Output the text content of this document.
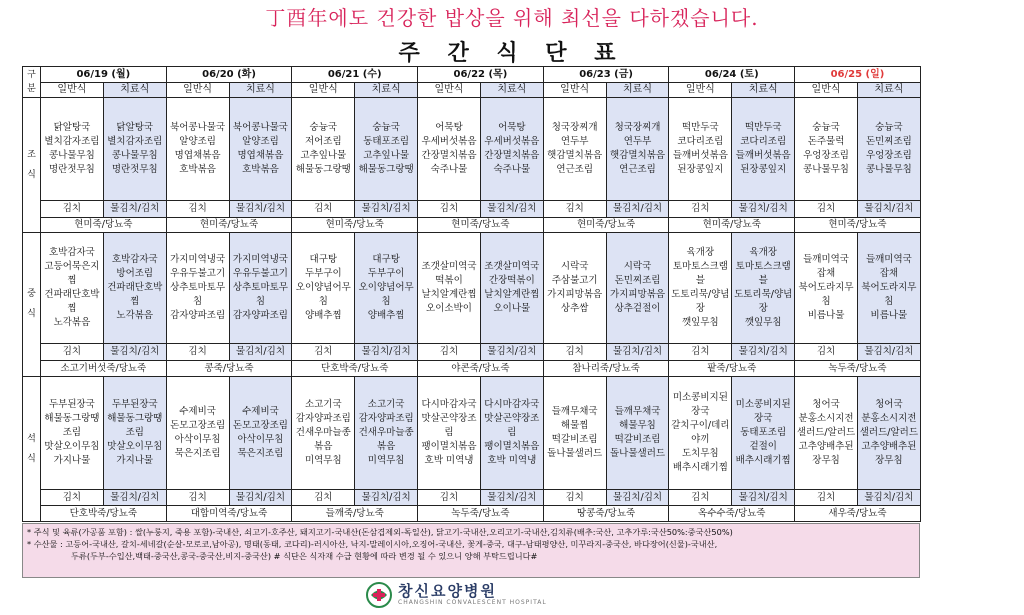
丁酉年에도 건강한 밥상을 위해 최선을 다하겠습니다.
주 간 식 단 표
구분	06/19 (월)		06/20 (화)		06/21 (수)		06/22 (목)		06/23 (금)		06/24 (토)		06/25 (일)	
	일반식	치료식	일반식	치료식	일반식	치료식	일반식	치료식	일반식	치료식	일반식	치료식	일반식	치료식

조
식	닭알탕국
별치감자조림
콩나물무침
명란젓무침	닭알탕국
별치감자조림
콩나물무침
명란젓무침	북어콩나물국
알양조림
명엽채볶음
호박볶음	북어콩나물국
알양조림
명엽채볶음
호박볶음	숭늉국
저어조림
고추잎나물
해물동그랑땡	숭늉국
동태포조림
고추잎나물
해물동그랑땡	어묵탕
우세버섯볶음
간장멸치볶음
숙주나물	어묵탕
우세버섯볶음
간장멸치볶음
숙주나물	청국장찌개
연두부
햇감멸치볶음
연근조림	청국장찌개
연두부
햇감멸치볶음
연근조림	떡만두국
코다리조림
들깨버섯볶음
된장콩잎지	떡만두국
코다리조림
들깨버섯볶음
된장콩잎지	숭늉국
돈주물럭
우엉장조림
콩나물무침	숭늉국
돈민찌조림
우엉장조림
콩나물무침

	김치	물김치/김치	김치	물김치/김치	김치	물김치/김치	김치	물김치/김치	김치	물김치/김치	김치	물김치/김치	김치	물김치/김치
	현미죽/당뇨죽		현미죽/당뇨죽		현미죽/당뇨죽		현미죽/당뇨죽		현미죽/당뇨죽		현미죽/당뇨죽		현미죽/당뇨죽	

중
식	호박감자국
고등어묵은지찜
건파래단호박찜
노각볶음	호박감자국
방어조림
건파래단호박찜
노각볶음	가지미역냉국
우유두불고기
상추토마토무침
감자양파조림	가지미역냉국
우유두불고기
상추토마토무침
감자양파조림	대구탕
두부구이
오이양념어무침
양배추찜	대구탕
두부구이
오이양념어무침
양배추찜	조갯살미역국
떡볶이
날치알계란찜
오이소박이	조갯살미역국
간장떡볶이
날치알계란찜
오이나물	시락국
주삼불고기
가지피망볶음
상추쌈	시락국
돈민찌조림
가지피망볶음
상추겉절이	육개장
토마토스크램블
도토리묵/양념장
깻잎무침	육개장
토마토스크램블
도토리묵/양념장
깻잎무침	들깨미역국
잡채
북어도라지무침
비름나물	들깨미역국
잡채
북어도라지무침
비름나물

	김치	물김치/김치	김치	물김치/김치	김치	물김치/김치	김치	물김치/김치	김치	물김치/김치	김치	물김치/김치	김치	물김치/김치
	소고기버섯죽/당뇨죽		콩죽/당뇨죽		단호박죽/당뇨죽		야콘죽/당뇨죽		참나리죽/당뇨죽		팥죽/당뇨죽		녹두죽/당뇨죽	

석
식	두부된장국
해물동그랑땡조림
맛살오이무침
가지나물	두부된장국
해물동그랑땡조림
맛살오이무침
가지나물	수제비국
돈모고장조림
아삭이무침
묵은지조림	수제비국
돈모고장조림
아삭이무침
묵은지조림	소고기국
감자양파조림
건새우마늘종볶음
미역무침	소고기국
감자양파조림
건새우마늘종볶음
미역무침	다시마감자국
맛살곤약장조림
팽이멸치볶음
호박 미역냉	다시마감자국
맛살곤약장조림
팽이멸치볶음
호박 미역냉	들깨무채국
해물찜
떡갈비조림
돌나물샐러드	들깨무채국
해물무침
떡갈비조림
돌나물샐러드	미소콩비지된장국
갈치구이/데리야끼
도치무침
배추시래기찜	미소콩비지된장국
동태포조림
겉절이
배추시래기찜	청어국
분홍소시지전
샐러드/알러드
고추양배추된장무침	청어국
분홍소시지전
샐러드/알러드
고추양배추된장무침

	김치	물김치/김치	김치	물김치/김치	김치	물김치/김치	김치	물김치/김치	김치	물김치/김치	김치	물김치/김치	김치	물김치/김치
	단호박죽/당뇨죽		대합미역죽/당뇨죽		들깨죽/당뇨죽		녹두죽/당뇨죽		땅콩죽/당뇨죽		옥수수죽/당뇨죽		새우죽/당뇨죽	
* 주식 및 육류(가공품 포함) : 쌀(누룽지, 죽용 포함)-국내산, 쇠고기-호주산, 돼지고기-국내산(돈삼겹제외-독일산), 닭고기-국내산,오리고기-국내산,김치류(배추:국산, 고추가루:국산50%:중국산50%)
* 수산물 : 고등어-국내산, 갈치-세네갈(순살-모로코,남아공), 명태(동태, 코다리)-러시아산, 낙지-말레이시아,오징어-국내산, 꽃게-중국, 대구-남태평양산, 미꾸라지-중국산, 바다장어(신물)-국내산,
두류(두부-수입산,백태-중국산,콩국-중국산,비지-중국산) # 식단은 식자재 수급 현황에 따라 변경 될 수 있으니 양해 부탁드립니다#
창신요양병원
CHANGSHIN CONVALESCENT HOSPITAL
